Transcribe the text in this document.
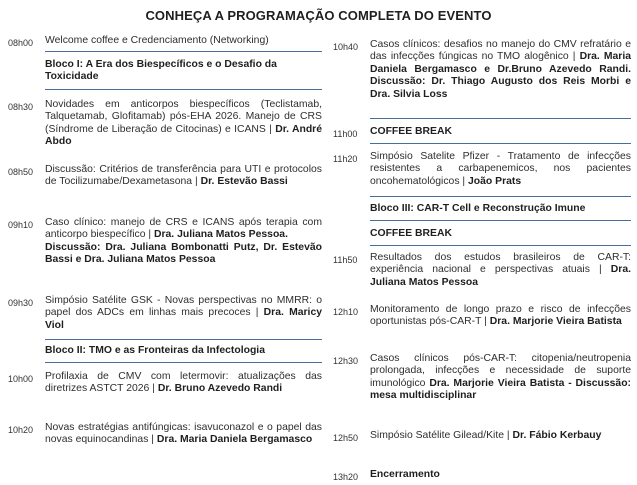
CONHEÇA A PROGRAMAÇÃO COMPLETA DO EVENTO
08h00 Welcome coffee e Credenciamento (Networking)
Bloco I: A Era dos Biespecíficos e o Desafio da Toxicidade
08h30 Novidades em anticorpos biespecíficos (Teclistamab, Talquetamab, Glofitamab) pós-EHA 2026. Manejo de CRS (Síndrome de Liberação de Citocinas) e ICANS | Dr. André Abdo
08h50 Discussão: Critérios de transferência para UTI e protocolos de Tocilizumabe/Dexametasona | Dr. Estevão Bassi
09h10 Caso clínico: manejo de CRS e ICANS após terapia com anticorpo biespecífico | Dra. Juliana Matos Pessoa.
Discussão: Dra. Juliana Bombonatti Putz, Dr. Estevão Bassi e Dra. Juliana Matos Pessoa
09h30 Simpósio Satélite GSK - Novas perspectivas no MMRR: o papel dos ADCs em linhas mais precoces | Dra. Maricy Viol
Bloco II: TMO e as Fronteiras da Infectologia
10h00 Profilaxia de CMV com letermovir: atualizações das diretrizes ASTCT 2026 | Dr. Bruno Azevedo Randi
10h20 Novas estratégias antifúngicas: isavuconazol e o papel das novas equinocandinas | Dra. Maria Daniela Bergamasco
10h40 Casos clínicos: desafios no manejo do CMV refratário e das infecções fúngicas no TMO alogênico | Dra. Maria Daniela Bergamasco e Dr.Bruno Azevedo Randi. Discussão: Dr. Thiago Augusto dos Reis Morbi e Dra. Silvia Loss
11h00 COFFEE BREAK
11h20 Simpósio Satelite Pfizer - Tratamento de infecções resistentes a carbapenemicos, nos pacientes oncohematológicos | João Prats
Bloco III: CAR-T Cell e Reconstrução Imune
COFFEE BREAK
11h50 Resultados dos estudos brasileiros de CAR-T: experiência nacional e perspectivas atuais | Dra. Juliana Matos Pessoa
12h10 Monitoramento de longo prazo e risco de infecções oportunistas pós-CAR-T | Dra. Marjorie Vieira Batista
12h30 Casos clínicos pós-CAR-T: citopenia/neutropenia prolongada, infecções e necessidade de suporte imunológico Dra. Marjorie Vieira Batista - Discussão: mesa multidisciplinar
12h50 Simpósio Satélite Gilead/Kite | Dr. Fábio Kerbauy
13h20 Encerramento
